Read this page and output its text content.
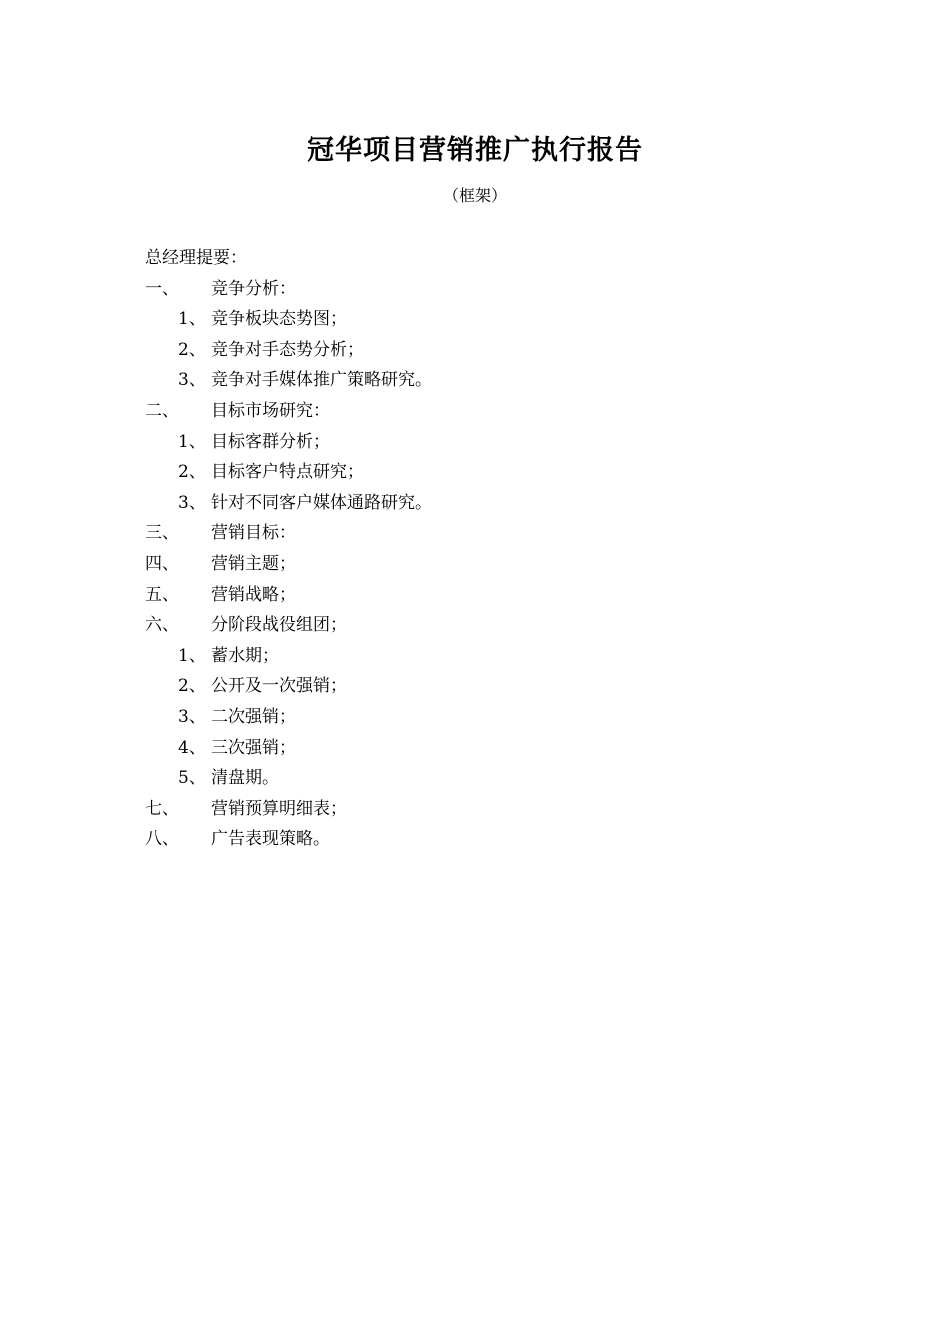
冠华项目营销推广执行报告
（框架）
总经理提要：
一、 竞争分析：
1、 竞争板块态势图；
2、 竞争对手态势分析；
3、 竞争对手媒体推广策略研究。
二、 目标市场研究：
1、 目标客群分析；
2、 目标客户特点研究；
3、 针对不同客户媒体通路研究。
三、 营销目标：
四、 营销主题；
五、 营销战略；
六、 分阶段战役组团；
1、 蓄水期；
2、 公开及一次强销；
3、 二次强销；
4、 三次强销；
5、 清盘期。
七、 营销预算明细表；
八、 广告表现策略。
